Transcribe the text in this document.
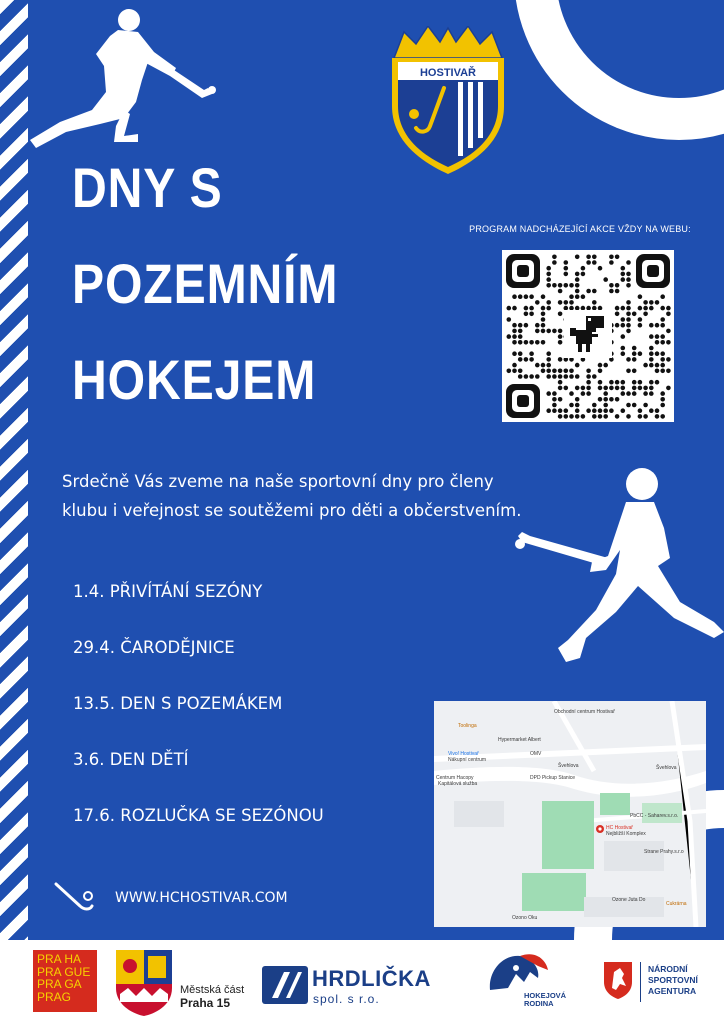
DNY S
POZEMNÍM
HOKEJEM
HOSTIVAŘ
PROGRAM NADCHÁZEJÍCÍ AKCE VŽDY NA WEBU:

Srdečně Vás zveme na naše sportovní dny pro členy klubu i veřejnost se soutěžemi pro děti a občerstvením.

1.4. PŘIVÍTÁNÍ SEZÓNY
29.4. ČARODĚJNICE
13.5. DEN S POZEMÁKEM
3.6. DEN DĚTÍ
17.6. ROZLUČKA SE SEZÓNOU
Obchodní centrum Hostivař
Toolinga
Hypermarket Albert
OMV
Vivo! Hostivař
Nákupní centrum
Centrum Hacopy
Kapitálová služba
DPD Pickup Stanice
Švehlova	Švehlova
PbCC - Saharev.s.r.o.
HC Hostivař
Nejbližší Komplex
Strane Prahy.s.r.o
Ozone Juta Do
Cukrárna
Ozono Oku
WWW.HCHOSTIVAR.COM
PRA HA
PRA GUE
PRA GA
PRAG	Městská část
Praha 15
HRDLIČKA
spol. s r.o.	HOKEJOVÁ
RODINA
NÁRODNÍ
SPORTOVNÍ
AGENTURA
